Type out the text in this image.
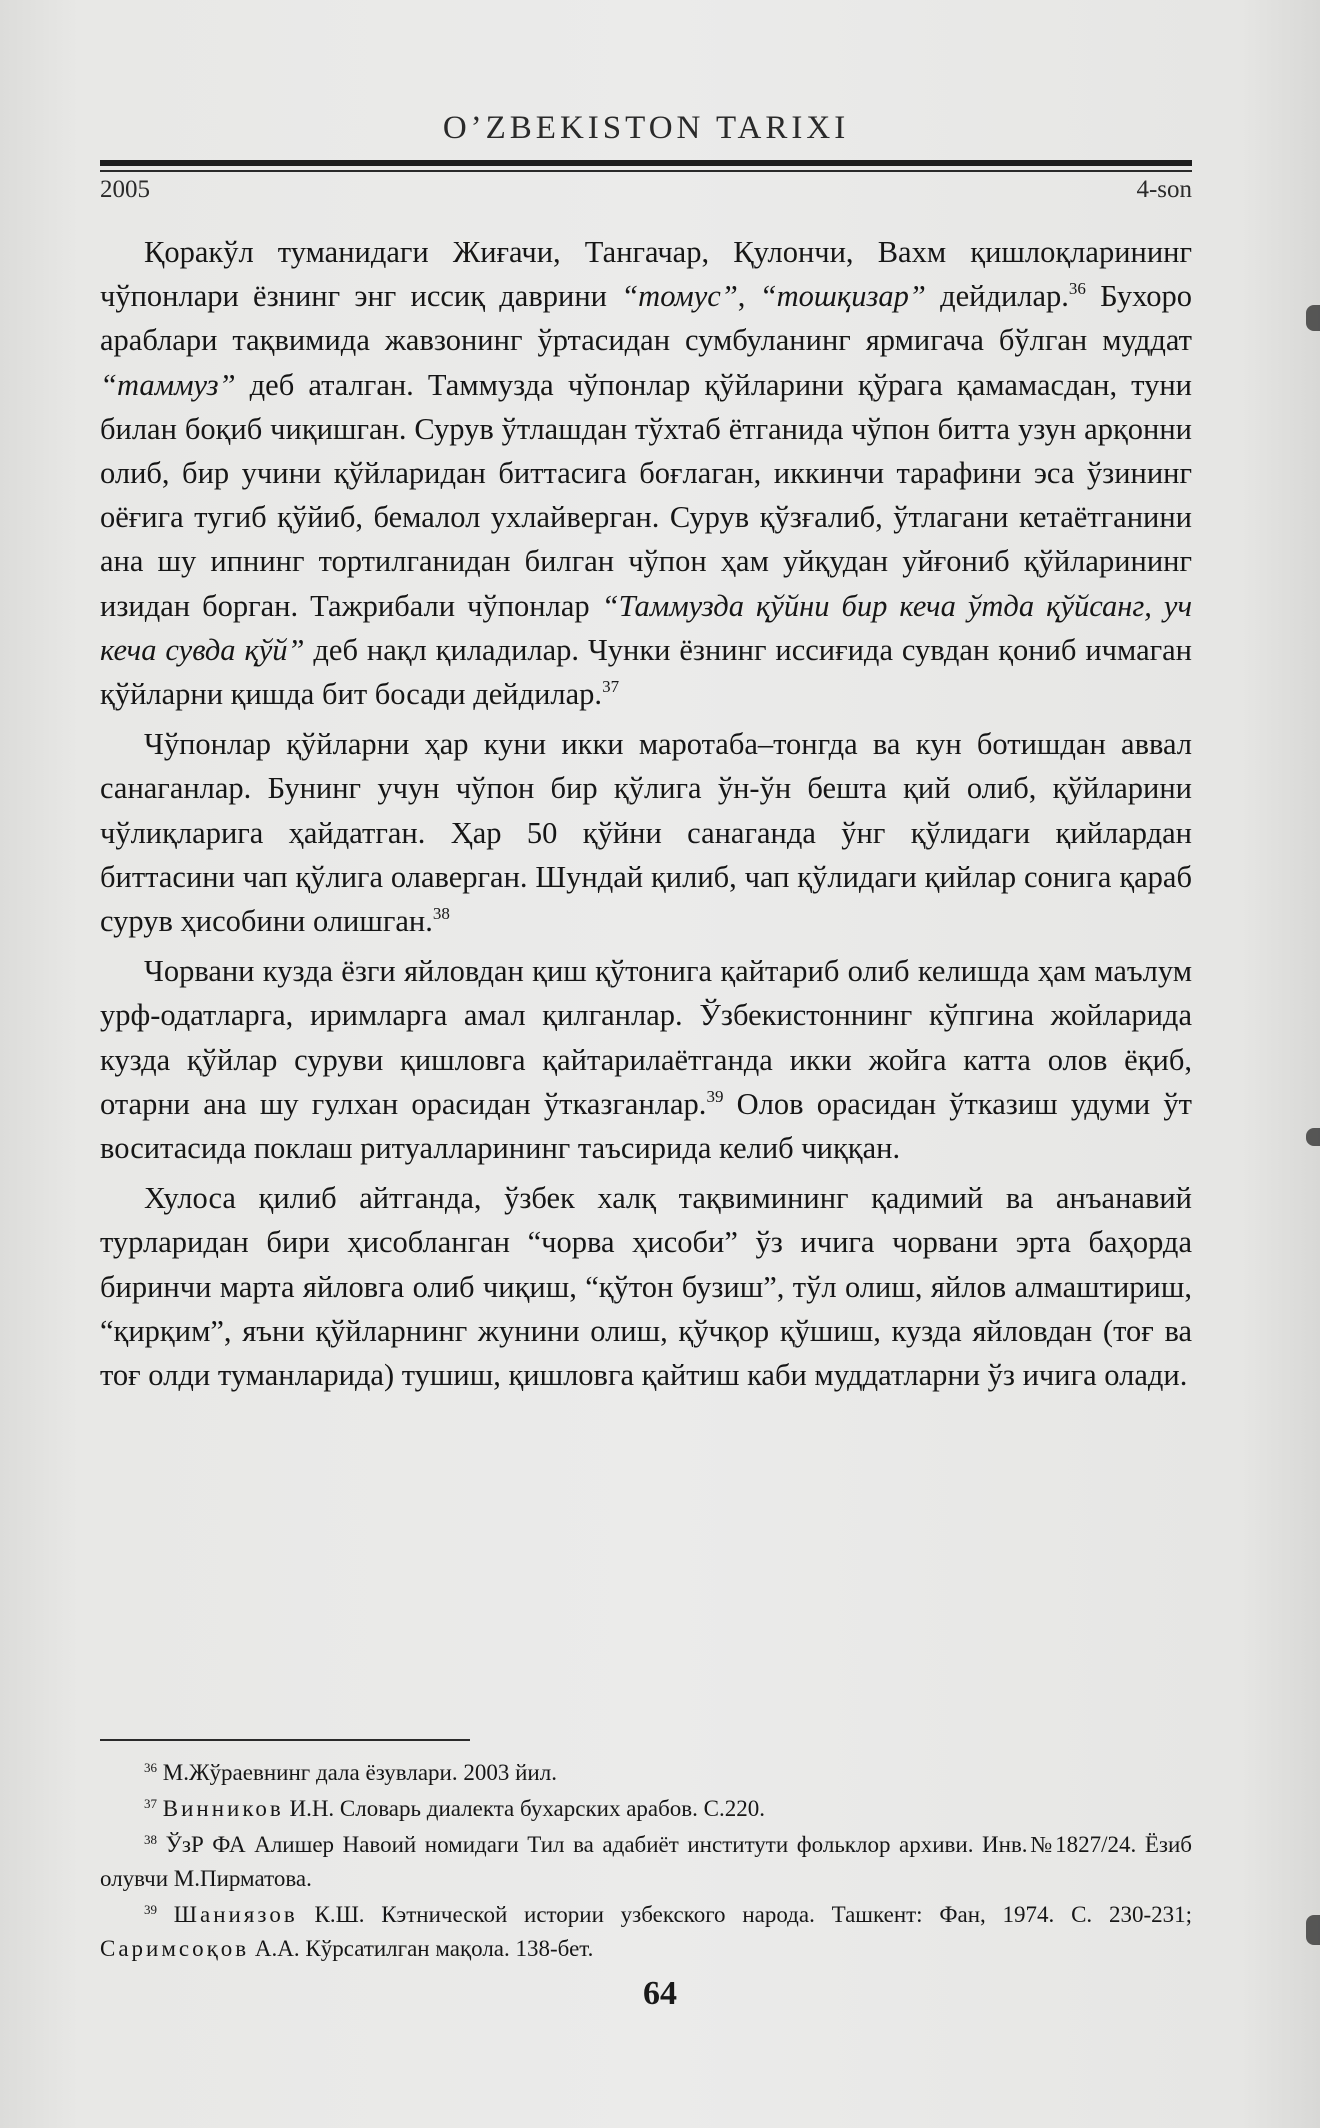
O’ZBEKISTON TARIXI
2005	4-son

Қоракўл туманидаги Жиғачи, Тангачар, Қулончи, Вахм қишлоқларининг чўпонлари ёзнинг энг иссиқ даврини “томус”, “тошқизар” дейдилар.$^{36}$ Бухоро араблари тақвимида жавзонинг ўртасидан сумбуланинг ярмигача бўлган муддат “таммуз” деб аталган. Таммузда чўпонлар қўйларини қўрага қамамасдан, туни билан боқиб чиқишган. Сурув ўтлашдан тўхтаб ётганида чўпон битта узун арқонни олиб, бир учини қўйларидан биттасига боғлаган, иккинчи тарафини эса ўзининг оёғига тугиб қўйиб, бемалол ухлайверган. Сурув қўзғалиб, ўтлагани кетаётганини ана шу ипнинг тортилганидан билган чўпон ҳам уйқудан уйғониб қўйларининг изидан борган. Тажрибали чўпонлар “Таммузда қўйни бир кеча ўтда қўйсанг, уч кеча сувда қўй” деб нақл қиладилар. Чунки ёзнинг иссиғида сувдан қониб ичмаган қўйларни қишда бит босади дейдилар.$^{37}$

Чўпонлар қўйларни ҳар куни икки маротаба–тонгда ва кун ботишдан аввал санаганлар. Бунинг учун чўпон бир қўлига ўн-ўн бешта қий олиб, қўйларини чўлиқларига ҳайдатган. Ҳар 50 қўйни санаганда ўнг қўлидаги қийлардан биттасини чап қўлига олаверган. Шундай қилиб, чап қўлидаги қийлар сонига қараб сурув ҳисобини олишган.$^{38}$

Чорвани кузда ёзги яйловдан қиш қўтонига қайтариб олиб келишда ҳам маълум урф-одатларга, иримларга амал қилганлар. Ўзбекистоннинг кўпгина жойларида кузда қўйлар суруви қишловга қайтарилаётганда икки жойга катта олов ёқиб, отарни ана шу гулхан орасидан ўтказганлар.$^{39}$ Олов орасидан ўтказиш удуми ўт воситасида поклаш ритуалларининг таъсирида келиб чиққан.

Хулоса қилиб айтганда, ўзбек халқ тақвимининг қадимий ва анъанавий турларидан бири ҳисобланган “чорва ҳисоби” ўз ичига чорвани эрта баҳорда биринчи марта яйловга олиб чиқиш, “қўтон бузиш”, тўл олиш, яйлов алмаштириш, “қирқим”, яъни қўйларнинг жунини олиш, қўчқор қўшиш, кузда яйловдан (тоғ ва тоғ олди туманларида) тушиш, қишловга қайтиш каби муддатларни ўз ичига олади.

$^{36}$ М.Жўраевнинг дала ёзувлари. 2003 йил.

$^{37}$ Винников И.Н. Словарь диалекта бухарских арабов. С.220.

$^{38}$ ЎзР ФА Алишер Навоий номидаги Тил ва адабиёт институти фольклор архиви. Инв.№1827/24. Ёзиб олувчи М.Пирматова.

$^{39}$ Шаниязов К.Ш. Кэтнической истории узбекского народа. Ташкент: Фан, 1974. С. 230-231; Саримсоқов А.А. Кўрсатилган мақола. 138-бет.

64
